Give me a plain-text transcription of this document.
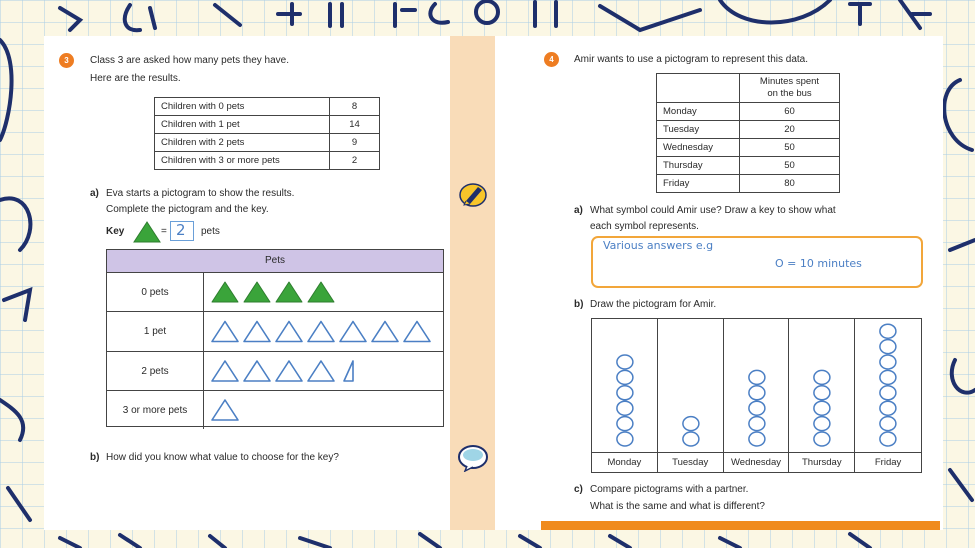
3	Class 3 are asked how many pets they have.
Here are the results.
Children with 0 pets	8
Children with 1 pet	14
Children with 2 pets	9
Children with 3 or more pets	2
a) Eva starts a pictogram to show the results.
Complete the pictogram and the key.
Key	= 2 pets
Pets
0 pets
1 pet
2 pets
3 or more pets
b) How did you know what value to choose for the key?
4	Amir wants to use a pictogram to represent this data.
	Minutes spent
on the bus
Monday	60
Tuesday	20
Wednesday	50
Thursday	50
Friday	80
a) What symbol could Amir use? Draw a key to show what
each symbol represents.
Various answers e.g
O = 10 minutes
b) Draw the pictogram for Amir.
Monday	Tuesday	Wednesday	Thursday	Friday
c) Compare pictograms with a partner.
What is the same and what is different?
